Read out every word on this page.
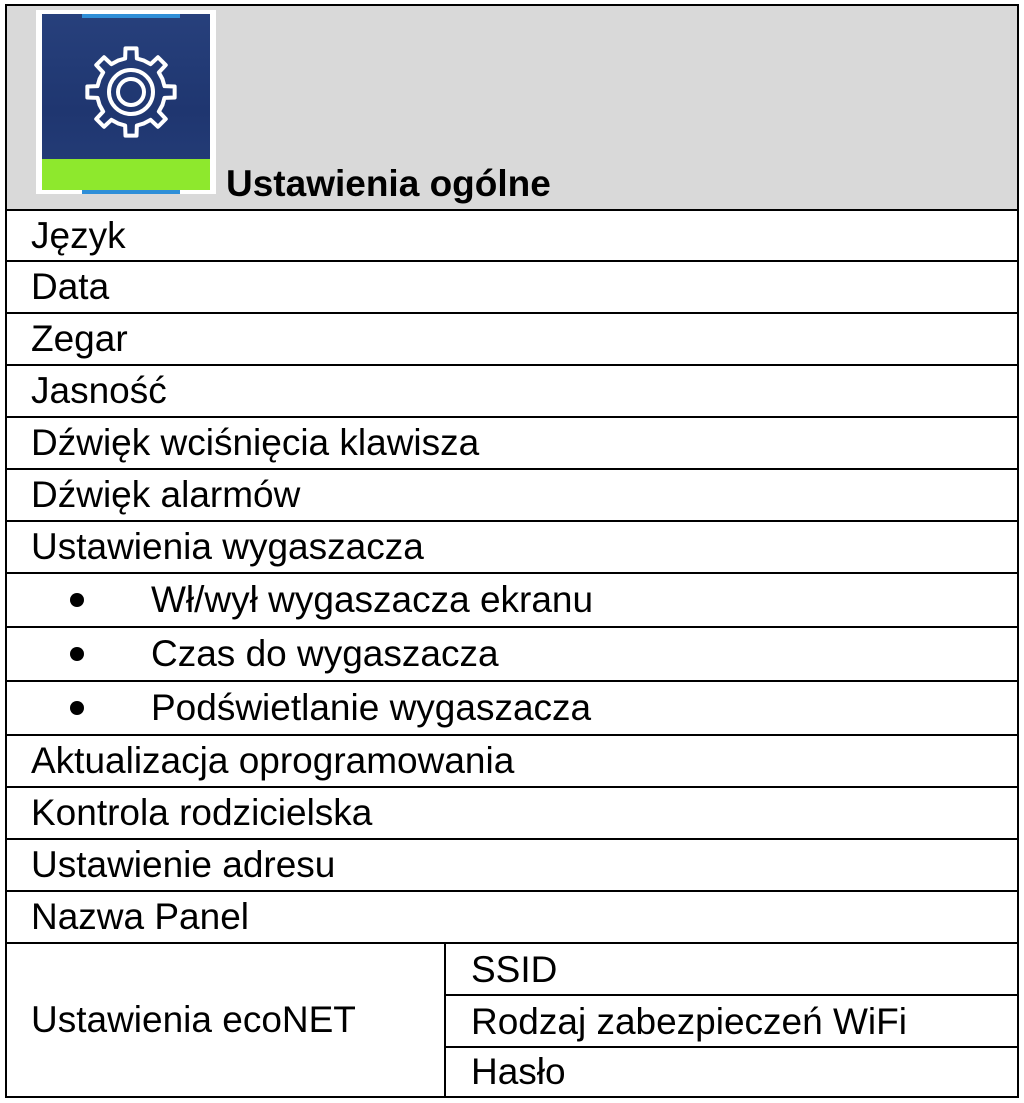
Ustawienia ogólne
Język
Data
Zegar
Jasność
Dźwięk wciśnięcia klawisza
Dźwięk alarmów
Ustawienia wygaszacza
Wł/wył wygaszacza ekranu
Czas do wygaszacza
Podświetlanie wygaszacza
Aktualizacja oprogramowania
Kontrola rodzicielska
Ustawienie adresu
Nazwa Panel
Ustawienia ecoNET
SSID
Rodzaj zabezpieczeń WiFi
Hasło
